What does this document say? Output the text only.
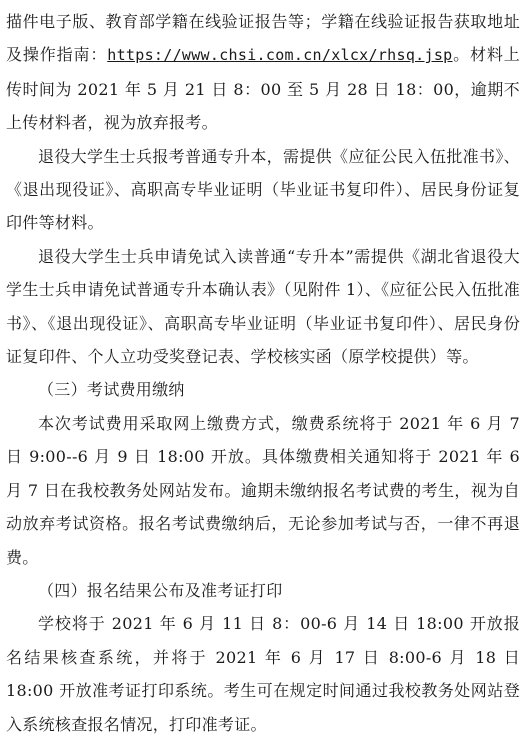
描件电子版、教育部学籍在线验证报告等；学籍在线验证报告获取地址及操作指南：https://www.chsi.com.cn/xlcx/rhsq.jsp。材料上传时间为 2021 年 5 月 21 日 8：00 至 5 月 28 日 18：00，逾期不上传材料者，视为放弃报考。

退役大学生士兵报考普通专升本，需提供《应征公民入伍批准书》、《退出现役证》、高职高专毕业证明（毕业证书复印件）、居民身份证复印件等材料。

退役大学生士兵申请免试入读普通“专升本”需提供《湖北省退役大学生士兵申请免试普通专升本确认表》（见附件 1）、《应征公民入伍批准书》、《退出现役证》、高职高专毕业证明（毕业证书复印件）、居民身份证复印件、个人立功受奖登记表、学校核实函（原学校提供）等。

（三）考试费用缴纳

本次考试费用采取网上缴费方式，缴费系统将于 2021 年 6 月 7 日 9:00--6 月 9 日 18:00 开放。具体缴费相关通知将于 2021 年 6 月 7 日在我校教务处网站发布。逾期未缴纳报名考试费的考生，视为自动放弃考试资格。报名考试费缴纳后，无论参加考试与否，一律不再退费。

（四）报名结果公布及准考证打印

学校将于 2021 年 6 月 11 日 8：00-6 月 14 日 18:00 开放报名结果核查系统，并将于 2021 年 6 月 17 日 8:00-6 月 18 日 18:00 开放准考证打印系统。考生可在规定时间通过我校教务处网站登入系统核查报名情况，打印准考证。
